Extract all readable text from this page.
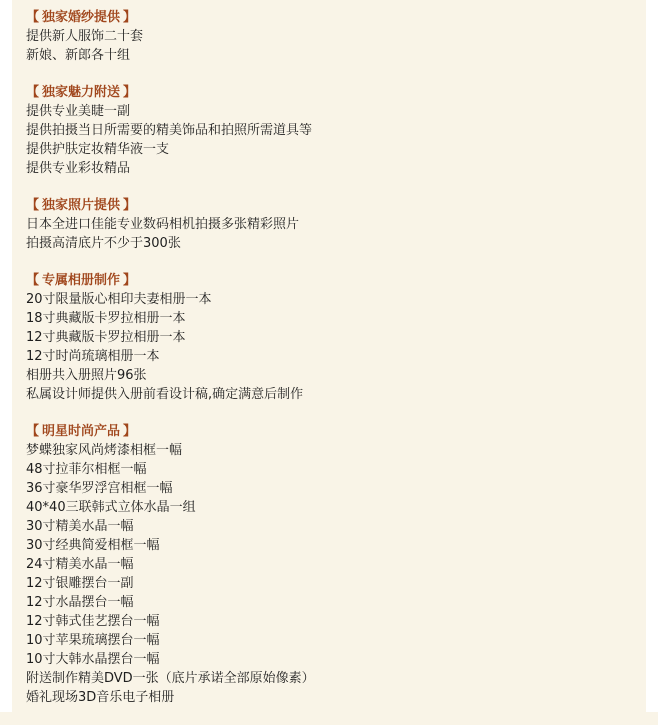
【 独家婚纱提供 】
提供新人服饰二十套
新娘、新郎各十组
【 独家魅力附送 】
提供专业美睫一副
提供拍摄当日所需要的精美饰品和拍照所需道具等
提供护肤定妆精华液一支
提供专业彩妆精品
【 独家照片提供 】
日本全进口佳能专业数码相机拍摄多张精彩照片
拍摄高清底片不少于300张
【 专属相册制作 】
20寸限量版心相印夫妻相册一本
18寸典藏版卡罗拉相册一本
12寸典藏版卡罗拉相册一本
12寸时尚琉璃相册一本
相册共入册照片96张
私属设计师提供入册前看设计稿,确定满意后制作
【 明星时尚产品 】
梦蝶独家风尚烤漆相框一幅
48寸拉菲尔相框一幅
36寸豪华罗浮宫相框一幅
40*40三联韩式立体水晶一组
30寸精美水晶一幅
30寸经典简爱相框一幅
24寸精美水晶一幅
12寸银雕摆台一副
12寸水晶摆台一幅
12寸韩式佳艺摆台一幅
10寸苹果琉璃摆台一幅
10寸大韩水晶摆台一幅
附送制作精美DVD一张（底片承诺全部原始像素）
婚礼现场3D音乐电子相册
